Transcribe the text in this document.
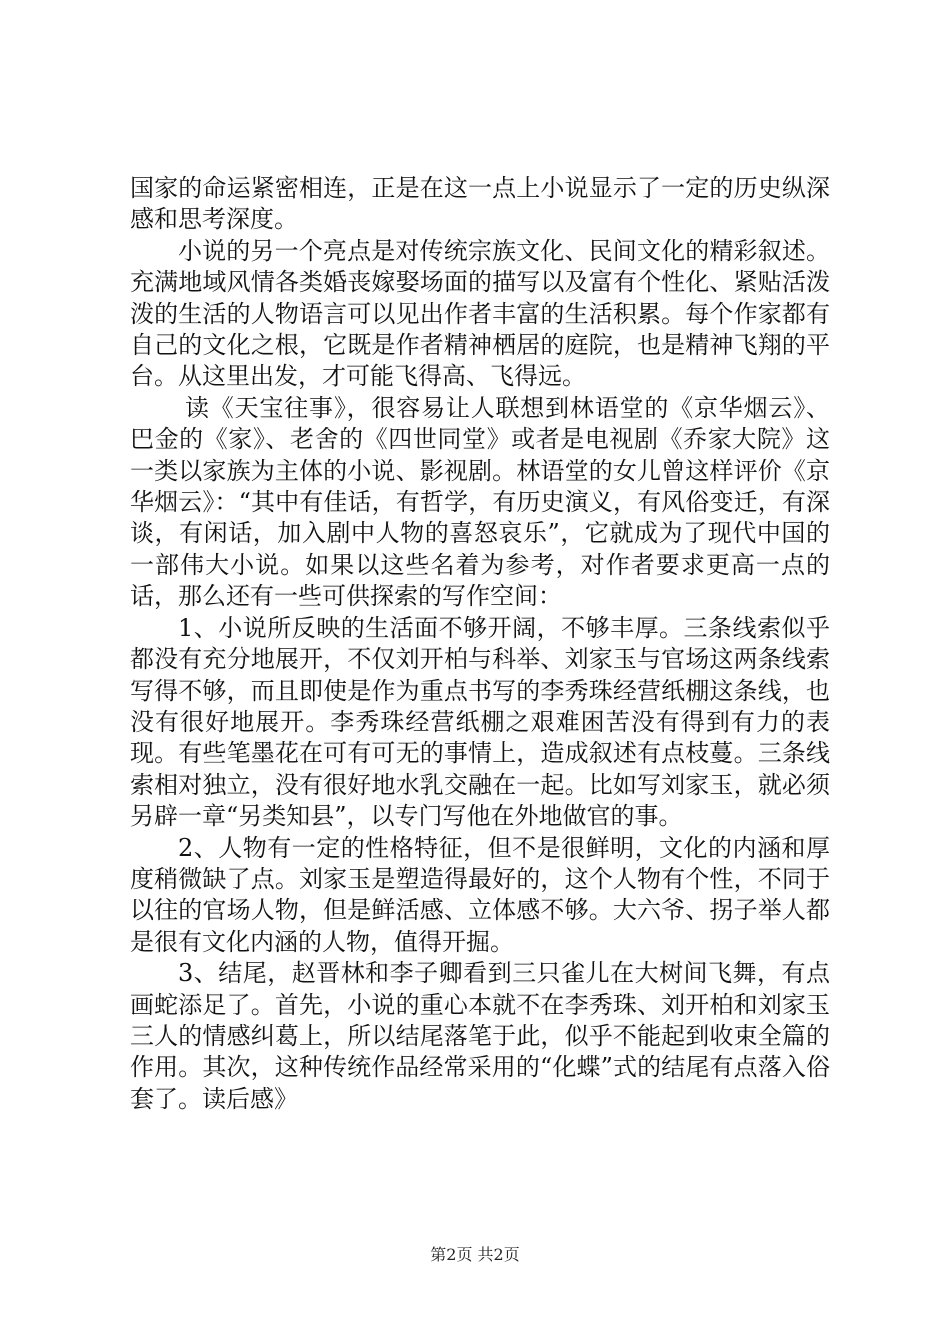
国家的命运紧密相连，正是在这一点上小说显示了一定的历史纵深感和思考深度。

小说的另一个亮点是对传统宗族文化、民间文化的精彩叙述。充满地域风情各类婚丧嫁娶场面的描写以及富有个性化、紧贴活泼泼的生活的人物语言可以见出作者丰富的生活积累。每个作家都有自己的文化之根，它既是作者精神栖居的庭院，也是精神飞翔的平台。从这里出发，才可能飞得高、飞得远。

读《天宝往事》，很容易让人联想到林语堂的《京华烟云》、巴金的《家》、老舍的《四世同堂》或者是电视剧《乔家大院》这一类以家族为主体的小说、影视剧。林语堂的女儿曾这样评价《京华烟云》：“其中有佳话，有哲学，有历史演义，有风俗变迁，有深谈，有闲话，加入剧中人物的喜怒哀乐”，它就成为了现代中国的一部伟大小说。如果以这些名着为参考，对作者要求更高一点的话，那么还有一些可供探索的写作空间：

1、小说所反映的生活面不够开阔，不够丰厚。三条线索似乎都没有充分地展开，不仅刘开柏与科举、刘家玉与官场这两条线索写得不够，而且即使是作为重点书写的李秀珠经营纸棚这条线，也没有很好地展开。李秀珠经营纸棚之艰难困苦没有得到有力的表现。有些笔墨花在可有可无的事情上，造成叙述有点枝蔓。三条线索相对独立，没有很好地水乳交融在一起。比如写刘家玉，就必须另辟一章“另类知县”，以专门写他在外地做官的事。

2、人物有一定的性格特征，但不是很鲜明，文化的内涵和厚度稍微缺了点。刘家玉是塑造得最好的，这个人物有个性，不同于以往的官场人物，但是鲜活感、立体感不够。大六爷、拐子举人都是很有文化内涵的人物，值得开掘。

3、结尾，赵晋林和李子卿看到三只雀儿在大树间飞舞，有点画蛇添足了。首先，小说的重心本就不在李秀珠、刘开柏和刘家玉三人的情感纠葛上，所以结尾落笔于此，似乎不能起到收束全篇的作用。其次，这种传统作品经常采用的“化蝶”式的结尾有点落入俗套了。读后感》

第2页 共2页
